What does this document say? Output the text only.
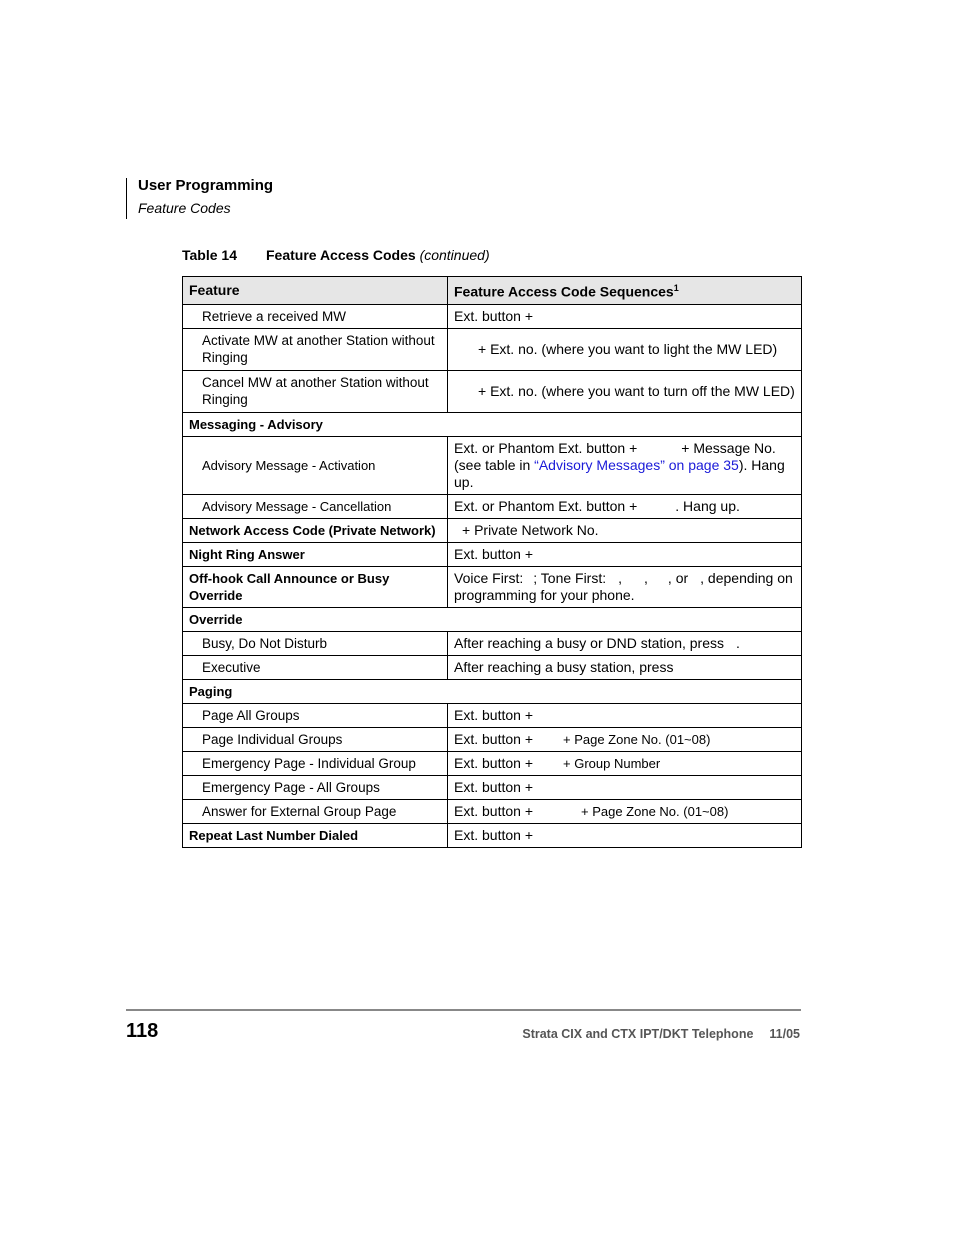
User Programming
Feature Codes
Table 14 Feature Access Codes (continued)
Feature	Feature Access Code Sequences$^1$
Retrieve a received MW	Ext. button +
Activate MW at another Station without Ringing	+ Ext. no. (where you want to light the MW LED)
Cancel MW at another Station without Ringing	+ Ext. no. (where you want to turn off the MW LED)
Messaging - Advisory	
Advisory Message - Activation	Ext. or Phantom Ext. button + + Message No. (see table in “Advisory Messages” on page 35). Hang up.
Advisory Message - Cancellation	Ext. or Phantom Ext. button + . Hang up.
Network Access Code (Private Network)	+ Private Network No.
Night Ring Answer	Ext. button +
Off-hook Call Announce or Busy Override	Voice First: ; Tone First: , , , or , depending on programming for your phone.
Override	
Busy, Do Not Disturb	After reaching a busy or DND station, press .
Executive	After reaching a busy station, press
Paging	
Page All Groups	Ext. button +
Page Individual Groups	Ext. button + + Page Zone No. (01~08)
Emergency Page - Individual Group	Ext. button + + Group Number
Emergency Page - All Groups	Ext. button +
Answer for External Group Page	Ext. button + + Page Zone No. (01~08)
Repeat Last Number Dialed	Ext. button +
118	Strata CIX and CTX IPT/DKT Telephone 11/05
